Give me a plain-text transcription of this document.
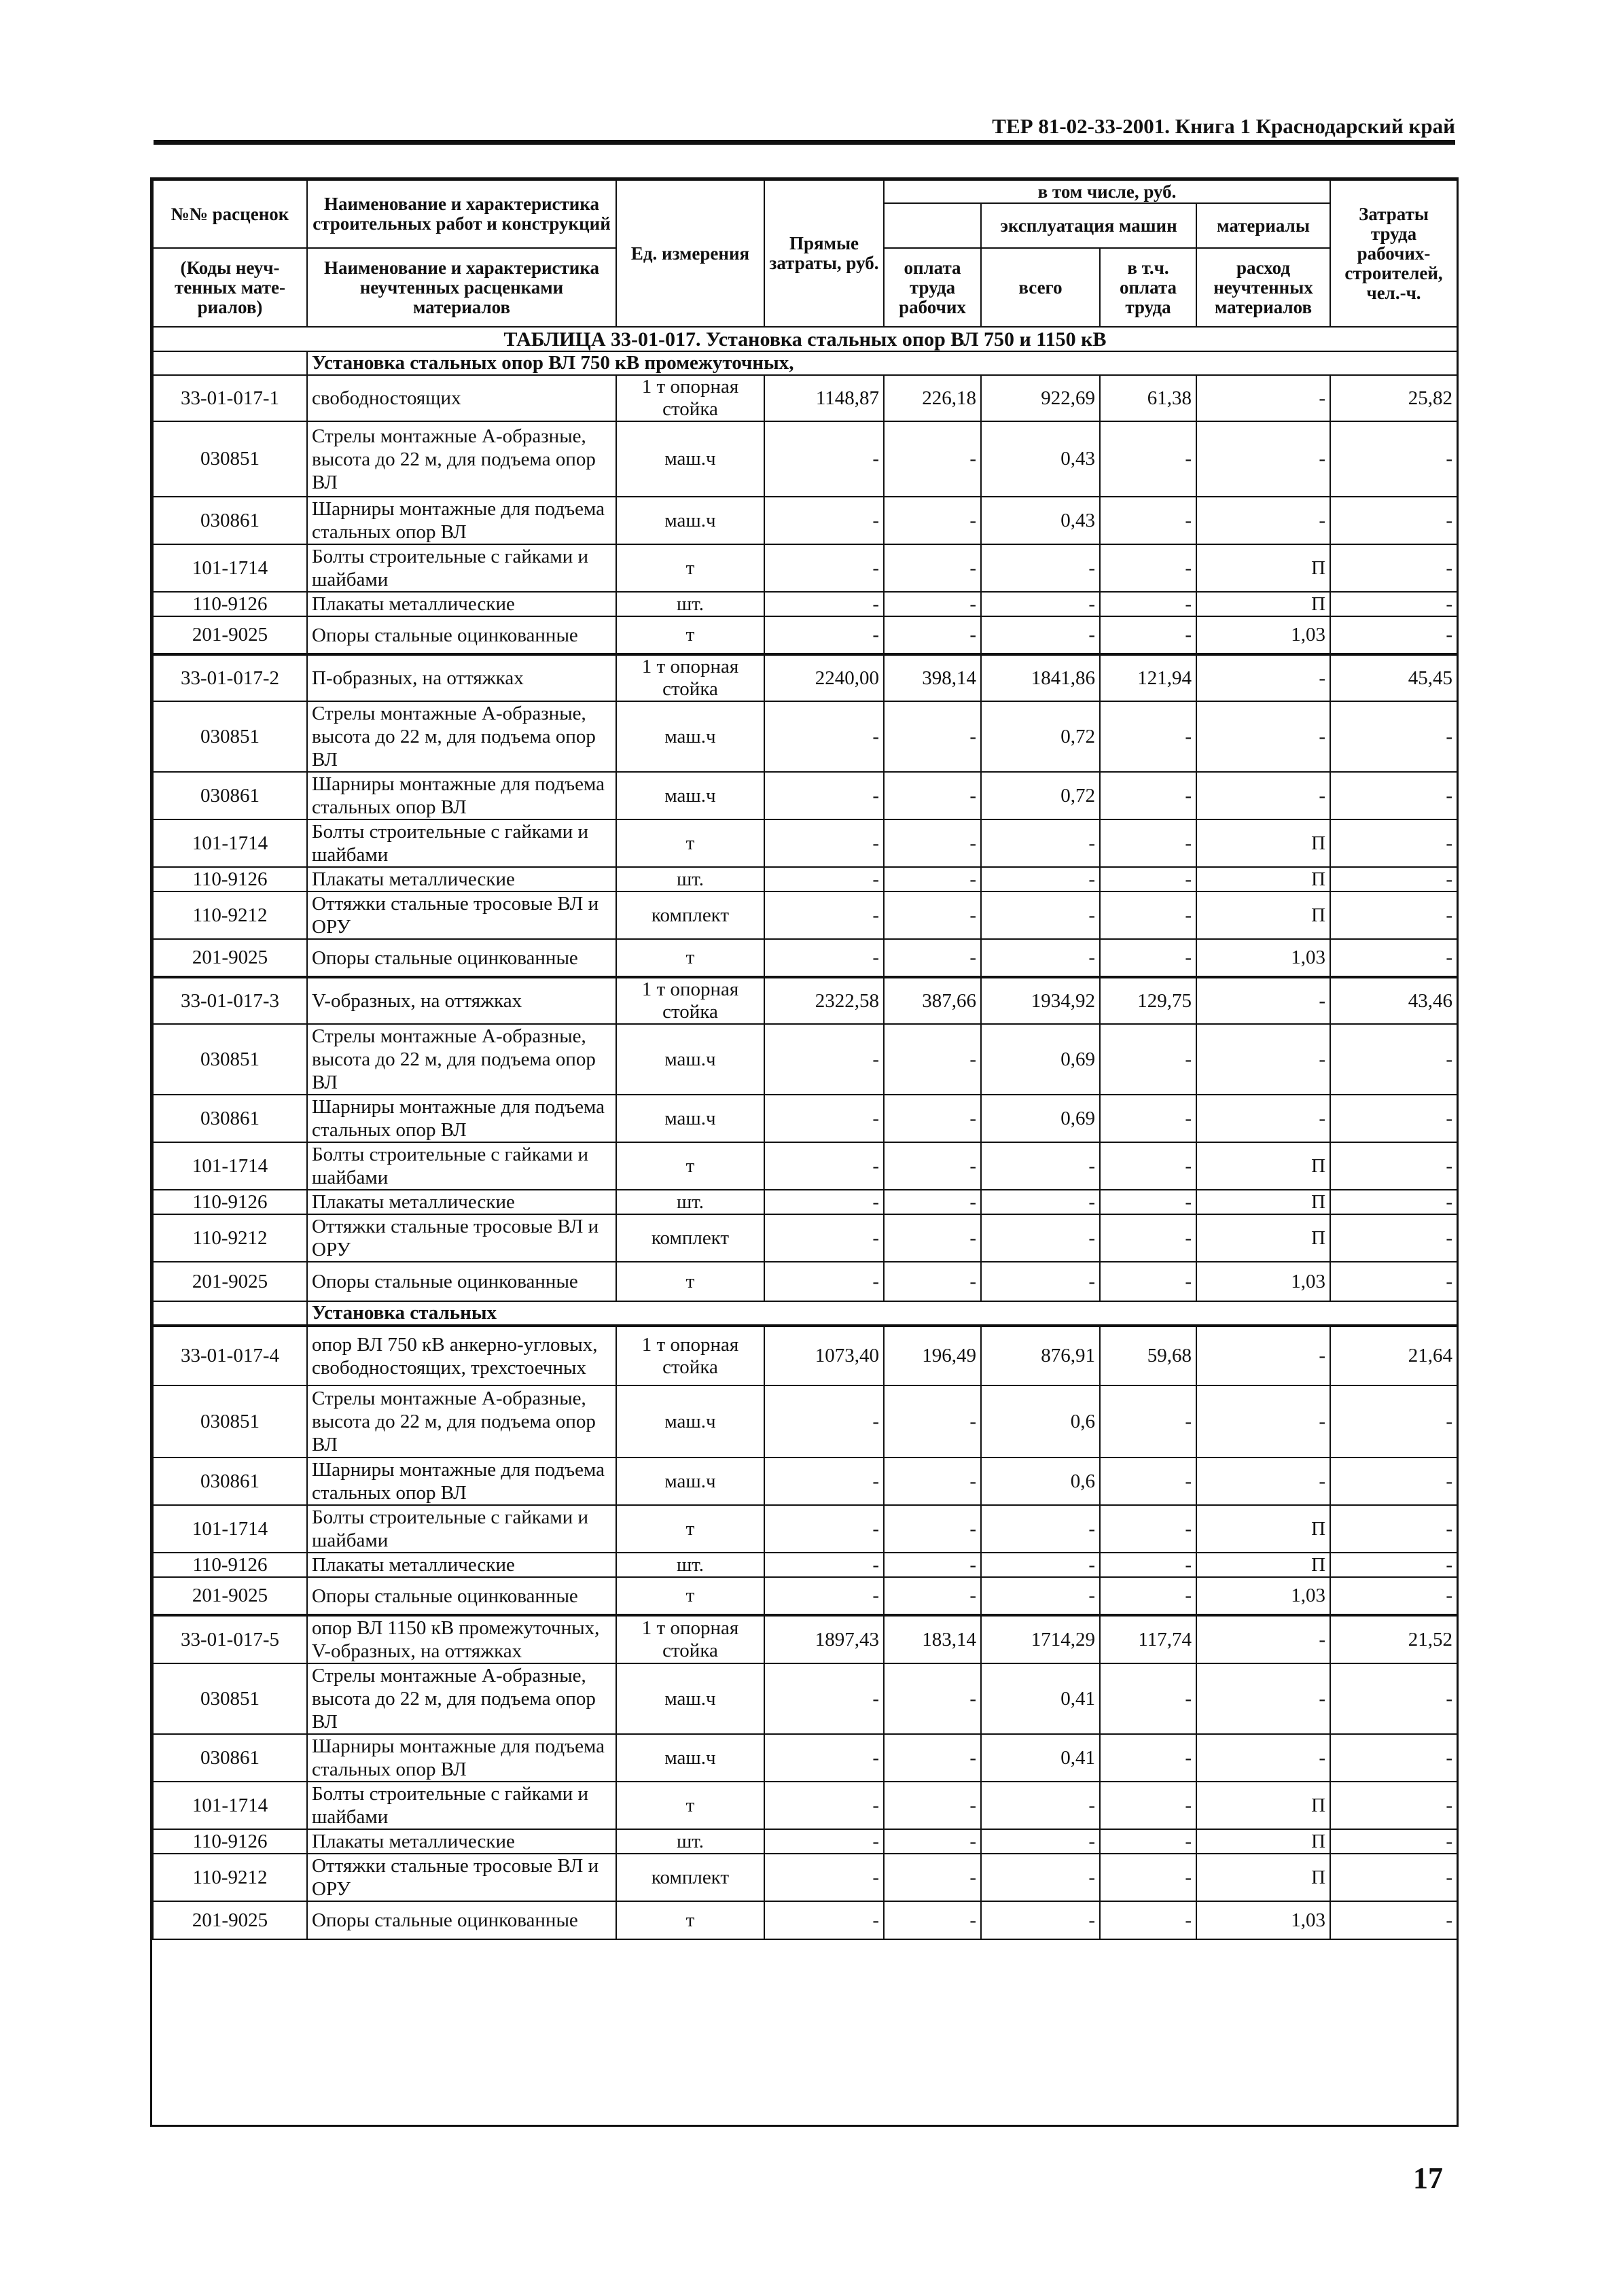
ТЕР 81-02-33-2001. Книга 1 Краснодарский край
№№ расценок	Наименование и характеристика строительных работ и конструкций	Ед. измерения	Прямые затраты, руб.	в том числе, руб.				Затраты труда рабочих-строителей, чел.-ч.
					эксплуатация машин		материалы	

(Коды неуч-тенных мате-риалов)	Наименование и характеристика неучтенных расценками материалов			оплата труда рабочих	всего	в т.ч. оплата труда	расход неучтенных материалов	

ТАБЛИЦА 33-01-017. Установка стальных опор ВЛ 750 и 1150 кВ								
	Установка стальных опор ВЛ 750 кВ промежуточных,							
33-01-017-1	свободностоящих	1 т опорная стойка	1148,87	226,18	922,69	61,38	-	25,82
030851	Стрелы монтажные А-образные, высота до 22 м, для подъема опор ВЛ	маш.ч	-	-	0,43	-	-	-
030861	Шарниры монтажные для подъема стальных опор ВЛ	маш.ч	-	-	0,43	-	-	-
101-1714	Болты строительные с гайками и шайбами	т	-	-	-	-	П	-
110-9126	Плакаты металлические	шт.	-	-	-	-	П	-
201-9025	Опоры стальные оцинкованные	т	-	-	-	-	1,03	-
33-01-017-2	П-образных, на оттяжках	1 т опорная стойка	2240,00	398,14	1841,86	121,94	-	45,45
030851	Стрелы монтажные А-образные, высота до 22 м, для подъема опор ВЛ	маш.ч	-	-	0,72	-	-	-
030861	Шарниры монтажные для подъема стальных опор ВЛ	маш.ч	-	-	0,72	-	-	-
101-1714	Болты строительные с гайками и шайбами	т	-	-	-	-	П	-
110-9126	Плакаты металлические	шт.	-	-	-	-	П	-
110-9212	Оттяжки стальные тросовые ВЛ и ОРУ	комплект	-	-	-	-	П	-
201-9025	Опоры стальные оцинкованные	т	-	-	-	-	1,03	-
33-01-017-3	V-образных, на оттяжках	1 т опорная стойка	2322,58	387,66	1934,92	129,75	-	43,46
030851	Стрелы монтажные А-образные, высота до 22 м, для подъема опор ВЛ	маш.ч	-	-	0,69	-	-	-
030861	Шарниры монтажные для подъема стальных опор ВЛ	маш.ч	-	-	0,69	-	-	-
101-1714	Болты строительные с гайками и шайбами	т	-	-	-	-	П	-
110-9126	Плакаты металлические	шт.	-	-	-	-	П	-
110-9212	Оттяжки стальные тросовые ВЛ и ОРУ	комплект	-	-	-	-	П	-
201-9025	Опоры стальные оцинкованные	т	-	-	-	-	1,03	-
	Установка стальных							
33-01-017-4	опор ВЛ 750 кВ анкерно-угловых, свободностоящих, трехстоечных	1 т опорная стойка	1073,40	196,49	876,91	59,68	-	21,64
030851	Стрелы монтажные А-образные, высота до 22 м, для подъема опор ВЛ	маш.ч	-	-	0,6	-	-	-
030861	Шарниры монтажные для подъема стальных опор ВЛ	маш.ч	-	-	0,6	-	-	-
101-1714	Болты строительные с гайками и шайбами	т	-	-	-	-	П	-
110-9126	Плакаты металлические	шт.	-	-	-	-	П	-
201-9025	Опоры стальные оцинкованные	т	-	-	-	-	1,03	-
33-01-017-5	опор ВЛ 1150 кВ промежуточных, V-образных, на оттяжках	1 т опорная стойка	1897,43	183,14	1714,29	117,74	-	21,52
030851	Стрелы монтажные А-образные, высота до 22 м, для подъема опор ВЛ	маш.ч	-	-	0,41	-	-	-
030861	Шарниры монтажные для подъема стальных опор ВЛ	маш.ч	-	-	0,41	-	-	-
101-1714	Болты строительные с гайками и шайбами	т	-	-	-	-	П	-
110-9126	Плакаты металлические	шт.	-	-	-	-	П	-
110-9212	Оттяжки стальные тросовые ВЛ и ОРУ	комплект	-	-	-	-	П	-
201-9025	Опоры стальные оцинкованные	т	-	-	-	-	1,03	-
17
